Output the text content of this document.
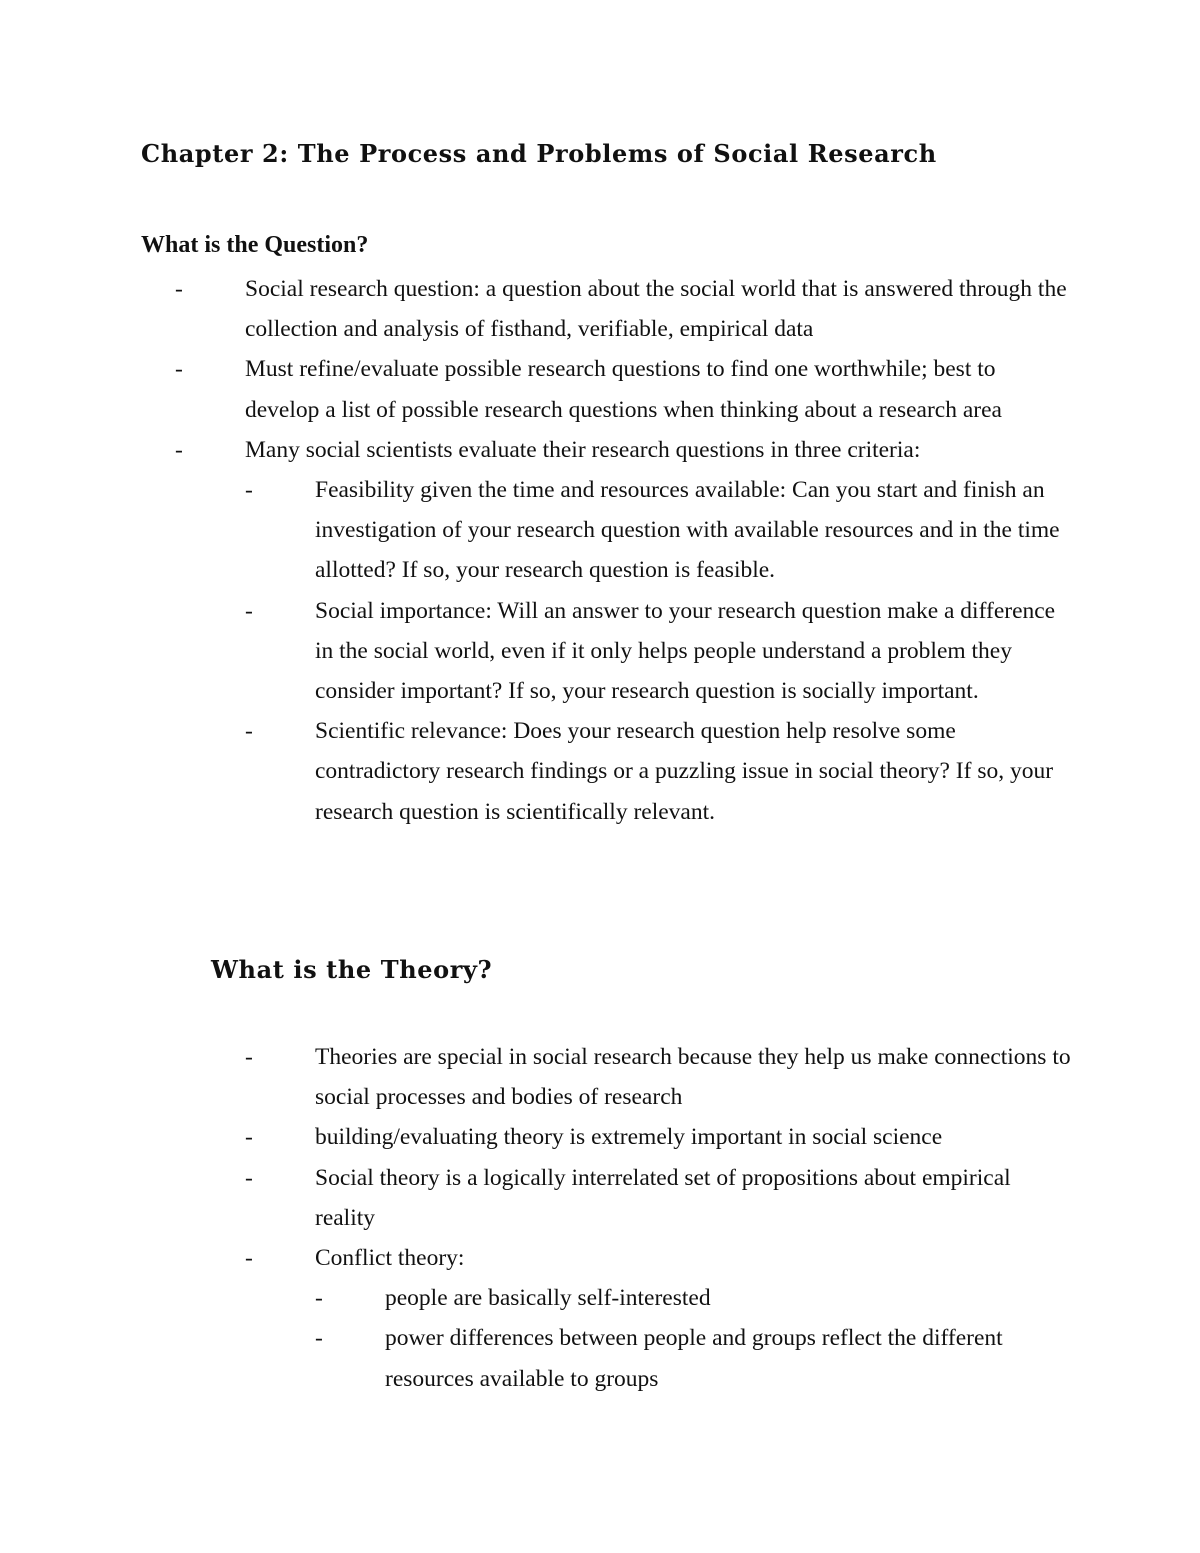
Chapter 2: The Process and Problems of Social Research
What is the Question?
-	Social research question: a question about the social world that is answered through the collection and analysis of fisthand, verifiable, empirical data
-	Must refine/evaluate possible research questions to find one worthwhile; best to develop a list of possible research questions when thinking about a research area
-	Many social scientists evaluate their research questions in three criteria:
-	Feasibility given the time and resources available: Can you start and finish an investigation of your research question with available resources and in the time allotted? If so, your research question is feasible.
-	Social importance: Will an answer to your research question make a difference in the social world, even if it only helps people understand a problem they consider important? If so, your research question is socially important.
-	Scientific relevance: Does your research question help resolve some contradictory research findings or a puzzling issue in social theory? If so, your research question is scientifically relevant.
What is the Theory?
-	Theories are special in social research because they help us make connections to social processes and bodies of research
-	building/evaluating theory is extremely important in social science
-	Social theory is a logically interrelated set of propositions about empirical reality
-	Conflict theory:
-	people are basically self-interested
-	power differences between people and groups reflect the different resources available to groups
